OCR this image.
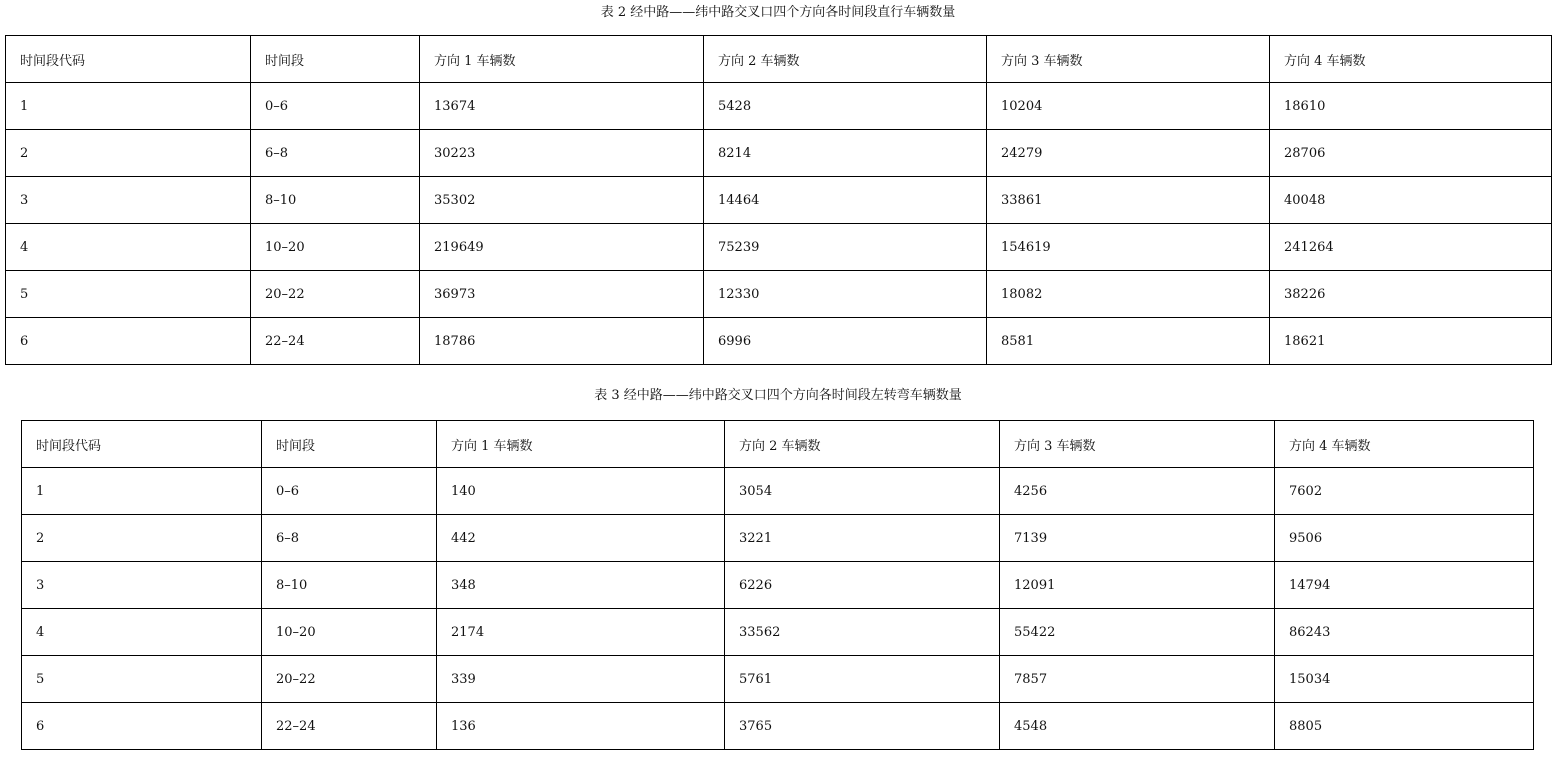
表 2 经中路——纬中路交叉口四个方向各时间段直行车辆数量
时间段代码	时间段	方向 1 车辆数	方向 2 车辆数	方向 3 车辆数	方向 4 车辆数
1	0–6	13674	5428	10204	18610
2	6–8	30223	8214	24279	28706
3	8–10	35302	14464	33861	40048
4	10–20	219649	75239	154619	241264
5	20–22	36973	12330	18082	38226
6	22–24	18786	6996	8581	18621
表 3 经中路——纬中路交叉口四个方向各时间段左转弯车辆数量
时间段代码	时间段	方向 1 车辆数	方向 2 车辆数	方向 3 车辆数	方向 4 车辆数
1	0–6	140	3054	4256	7602
2	6–8	442	3221	7139	9506
3	8–10	348	6226	12091	14794
4	10–20	2174	33562	55422	86243
5	20–22	339	5761	7857	15034
6	22–24	136	3765	4548	8805
